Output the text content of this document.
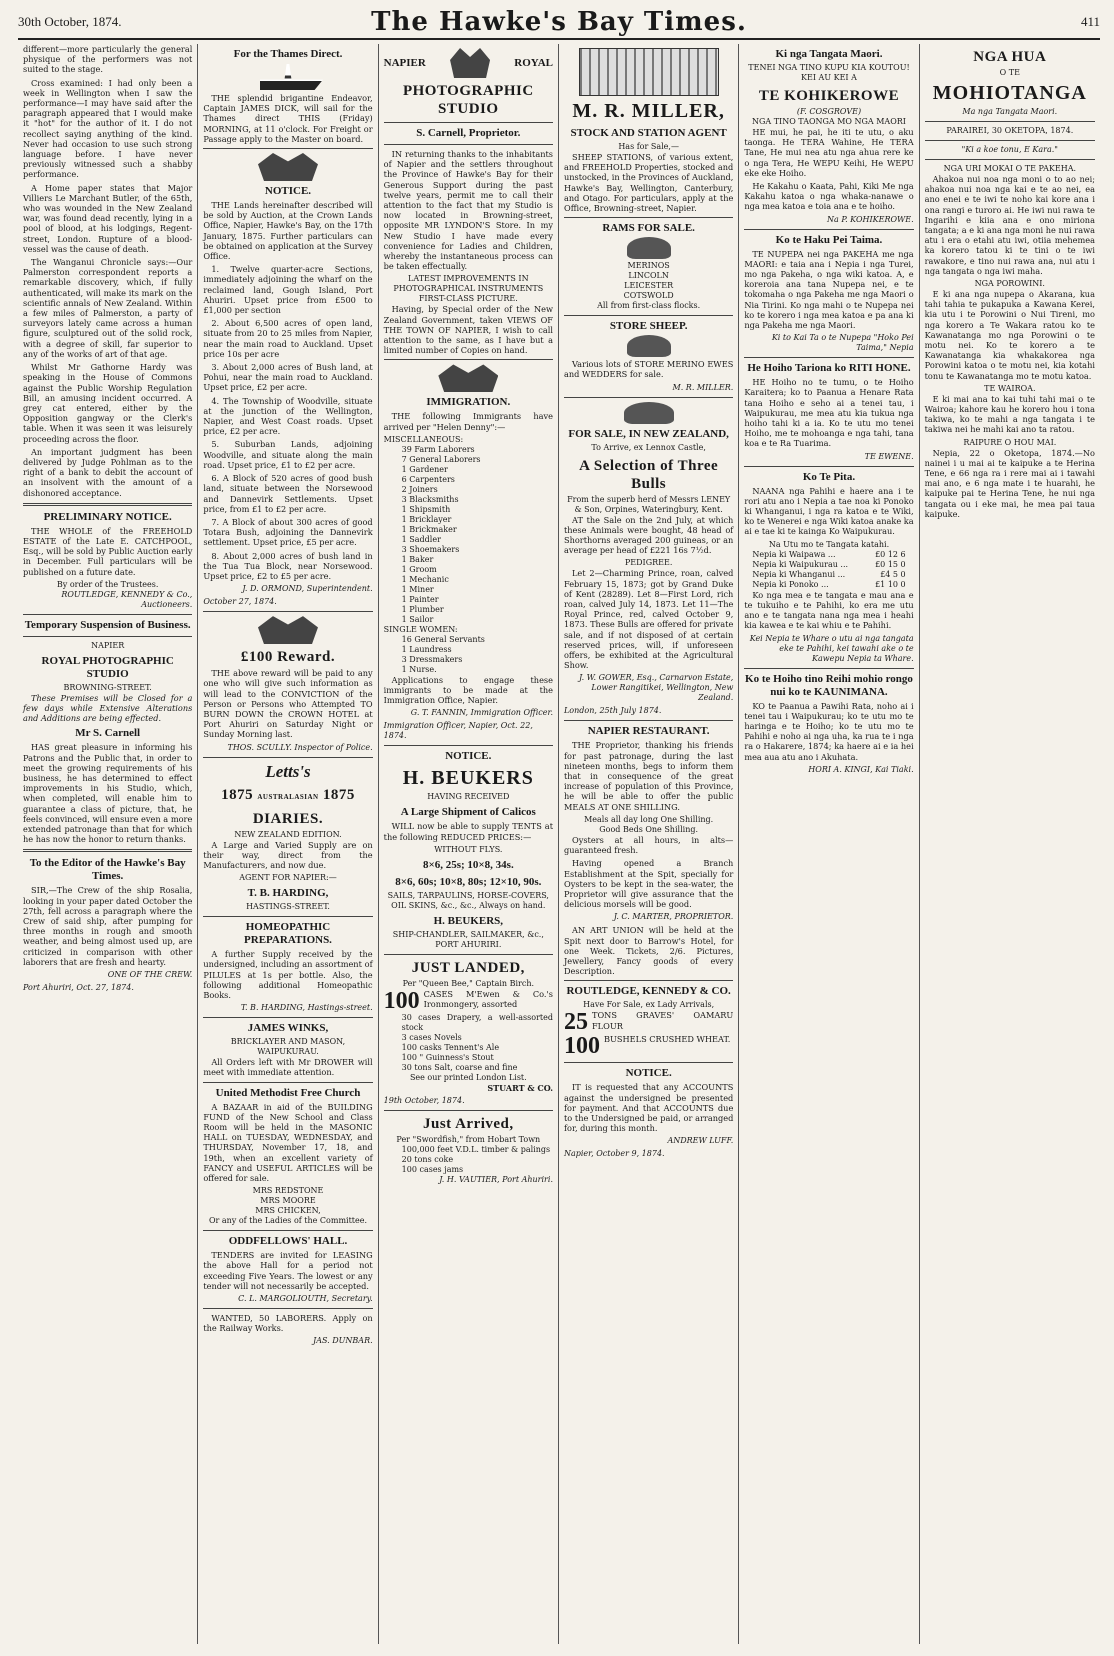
30th October, 1874.	The Hawke's Bay Times.	411

different—more particularly the general physique of the performers was not suited to the stage.

Cross examined: I had only been a week in Wellington when I saw the performance—I may have said after the paragraph appeared that I would make it "hot" for the author of it. I do not recollect saying anything of the kind. Never had occasion to use such strong language before. I have never previously witnessed such a shabby performance.

A Home paper states that Major Villiers Le Marchant Butler, of the 65th, who was wounded in the New Zealand war, was found dead recently, lying in a pool of blood, at his lodgings, Regent-street, London. Rupture of a blood-vessel was the cause of death.

The Wanganui Chronicle says:—Our Palmerston correspondent reports a remarkable discovery, which, if fully authenticated, will make its mark on the scientific annals of New Zealand. Within a few miles of Palmerston, a party of surveyors lately came across a human figure, sculptured out of the solid rock, with a degree of skill, far superior to any of the works of art of that age.

Whilst Mr Gathorne Hardy was speaking in the House of Commons against the Public Worship Regulation Bill, an amusing incident occurred. A grey cat entered, either by the Opposition gangway or the Clerk's table. When it was seen it was leisurely proceeding across the floor.

An important judgment has been delivered by Judge Pohlman as to the right of a bank to debit the account of an insolvent with the amount of a dishonored acceptance.

PRELIMINARY NOTICE.

THE WHOLE of the FREEHOLD ESTATE of the Late E. CATCHPOOL, Esq., will be sold by Public Auction early in December. Full particulars will be published on a future date.

By order of the Trustees.
ROUTLEDGE, KENNEDY & Co., Auctioneers.
Temporary Suspension of Business.
NAPIER
ROYAL PHOTOGRAPHIC STUDIO
BROWNING-STREET.

These Premises will be Closed for a few days while Extensive Alterations and Additions are being effected.

Mr S. Carnell

HAS great pleasure in informing his Patrons and the Public that, in order to meet the growing requirements of his business, he has determined to effect improvements in his Studio, which, when completed, will enable him to guarantee a class of picture, that, he feels convinced, will ensure even a more extended patronage than that for which he has now the honor to return thanks.

To the Editor of the Hawke's Bay Times.

SIR,—The Crew of the ship Rosalia, looking in your paper dated October the 27th, fell across a paragraph where the Crew of said ship, after pumping for three months in rough and smooth weather, and being almost used up, are criticized in comparison with other laborers that are fresh and hearty.

ONE OF THE CREW.
Port Ahuriri, Oct. 27, 1874.
For the Thames Direct.

THE splendid brigantine Endeavor, Captain JAMES DICK, will sail for the Thames direct THIS (Friday) MORNING, at 11 o'clock. For Freight or Passage apply to the Master on board.

NOTICE.

THE Lands hereinafter described will be sold by Auction, at the Crown Lands Office, Napier, Hawke's Bay, on the 17th January, 1875. Further particulars can be obtained on application at the Survey Office.

1. Twelve quarter-acre Sections, immediately adjoining the wharf on the reclaimed land, Gough Island, Port Ahuriri. Upset price from £500 to £1,000 per section

2. About 6,500 acres of open land, situate from 20 to 25 miles from Napier, near the main road to Auckland. Upset price 10s per acre

3. About 2,000 acres of Bush land, at Pohui, near the main road to Auckland. Upset price, £2 per acre.

4. The Township of Woodville, situate at the junction of the Wellington, Napier, and West Coast roads. Upset price, £2 per acre.

5. Suburban Lands, adjoining Woodville, and situate along the main road. Upset price, £1 to £2 per acre.

6. A Block of 520 acres of good bush land, situate between the Norsewood and Dannevirk Settlements. Upset price, from £1 to £2 per acre.

7. A Block of about 300 acres of good Totara Bush, adjoining the Dannevirk settlement. Upset price, £5 per acre.

8. About 2,000 acres of bush land in the Tua Tua Block, near Norsewood. Upset price, £2 to £5 per acre.

J. D. ORMOND, Superintendent.
October 27, 1874.
£100 Reward.

THE above reward will be paid to any one who will give such information as will lead to the CONVICTION of the Person or Persons who Attempted TO BURN DOWN the CROWN HOTEL at Port Ahuriri on Saturday Night or Sunday Morning last.

THOS. SCULLY. Inspector of Police.
Letts's
1875 AUSTRALASIAN 1875
DIARIES.
NEW ZEALAND EDITION.

A Large and Varied Supply are on their way, direct from the Manufacturers, and now due.

AGENT FOR NAPIER:—
T. B. HARDING,
HASTINGS-STREET.
HOMEOPATHIC PREPARATIONS.

A further Supply received by the undersigned, including an assortment of PILULES at 1s per bottle. Also, the following additional Homeopathic Books.

T. B. HARDING, Hastings-street.
JAMES WINKS,
BRICKLAYER AND MASON,
WAIPUKURAU.

All Orders left with Mr DROWER will meet with immediate attention.

United Methodist Free Church

A BAZAAR in aid of the BUILDING FUND of the New School and Class Room will be held in the MASONIC HALL on TUESDAY, WEDNESDAY, and THURSDAY, November 17, 18, and 19th, when an excellent variety of FANCY and USEFUL ARTICLES will be offered for sale.

MRS REDSTONE
MRS MOORE
MRS CHICKEN,
Or any of the Ladies of the Committee.
ODDFELLOWS' HALL.

TENDERS are invited for LEASING the above Hall for a period not exceeding Five Years. The lowest or any tender will not necessarily be accepted.

C. L. MARGOLIOUTH, Secretary.

WANTED, 50 LABORERS. Apply on the Railway Works.

JAS. DUNBAR.
NAPIER	ROYAL
PHOTOGRAPHIC STUDIO
S. Carnell, Proprietor.

IN returning thanks to the inhabitants of Napier and the settlers throughout the Province of Hawke's Bay for their Generous Support during the past twelve years, permit me to call their attention to the fact that my Studio is now located in Browning-street, opposite MR LYNDON'S Store. In my New Studio I have made every convenience for Ladies and Children, whereby the instantaneous process can be taken effectually.

LATEST IMPROVEMENTS IN PHOTOGRAPHICAL INSTRUMENTS
FIRST-CLASS PICTURE.

Having, by Special order of the New Zealand Government, taken VIEWS OF THE TOWN OF NAPIER, I wish to call attention to the same, as I have but a limited number of Copies on hand.

IMMIGRATION.

THE following Immigrants have arrived per "Helen Denny":—

MISCELLANEOUS:
39 Farm Laborers
7 General Laborers
1 Gardener
6 Carpenters
2 Joiners
3 Blacksmiths
1 Shipsmith
1 Bricklayer
1 Brickmaker
1 Saddler
3 Shoemakers
1 Baker
1 Groom
1 Mechanic
1 Miner
1 Painter
1 Plumber
1 Sailor
SINGLE WOMEN:
16 General Servants
1 Laundress
3 Dressmakers
1 Nurse.

Applications to engage these immigrants to be made at the Immigration Office, Napier.

G. T. FANNIN, Immigration Officer.
Immigration Officer, Napier, Oct. 22, 1874.
NOTICE.
H. BEUKERS
HAVING RECEIVED
A Large Shipment of Calicos

WILL now be able to supply TENTS at the following REDUCED PRICES:—

WITHOUT FLYS.
8×6, 25s; 10×8, 34s.
8×6, 60s; 10×8, 80s; 12×10, 90s.
SAILS, TARPAULINS, HORSE-COVERS, OIL SKINS, &c., &c., Always on hand.
H. BEUKERS,
SHIP-CHANDLER, SAILMAKER, &c., PORT AHURIRI.
JUST LANDED,
Per "Queen Bee," Captain Birch.
100 CASES M'Ewen & Co.'s Ironmongery, assorted
30 cases Drapery, a well-assorted stock
3 cases Novels
100 casks Tennent's Ale
100 " Guinness's Stout
30 tons Salt, coarse and fine
See our printed London List.
STUART & CO.
19th October, 1874.
Just Arrived,
Per "Swordfish," from Hobart Town
100,000 feet V.D.L. timber & palings
20 tons coke
100 cases jams
J. H. VAUTIER, Port Ahuriri.
M. R. MILLER,
STOCK AND STATION AGENT
Has for Sale,—

SHEEP STATIONS, of various extent, and FREEHOLD Properties, stocked and unstocked, in the Provinces of Auckland, Hawke's Bay, Wellington, Canterbury, and Otago. For particulars, apply at the Office, Browning-street, Napier.

RAMS FOR SALE.
MERINOS
LINCOLN
LEICESTER
COTSWOLD
All from first-class flocks.
STORE SHEEP.

Various lots of STORE MERINO EWES and WEDDERS for sale.

M. R. MILLER.
FOR SALE, IN NEW ZEALAND,
To Arrive, ex Lennox Castle,
A Selection of Three Bulls
From the superb herd of Messrs LENEY & Son, Orpines, Wateringbury, Kent.

AT the Sale on the 2nd July, at which these Animals were bought, 48 head of Shorthorns averaged 200 guineas, or an average per head of £221 16s 7½d.

PEDIGREE.

Let 2—Charming Prince, roan, calved February 15, 1873; got by Grand Duke of Kent (28289). Let 8—First Lord, rich roan, calved July 14, 1873. Let 11—The Royal Prince, red, calved October 9, 1873. These Bulls are offered for private sale, and if not disposed of at certain reserved prices, will, if unforeseen offers, be exhibited at the Agricultural Show.

J. W. GOWER, Esq., Carnarvon Estate, Lower Rangitikei, Wellington, New Zealand.
London, 25th July 1874.
NAPIER RESTAURANT.

THE Proprietor, thanking his friends for past patronage, during the last nineteen months, begs to inform them that in consequence of the great increase of population of this Province, he will be able to offer the public MEALS AT ONE SHILLING.

Meals all day long One Shilling.
Good Beds One Shilling.

Oysters at all hours, in alts—guaranteed fresh.

Having opened a Branch Establishment at the Spit, specially for Oysters to be kept in the sea-water, the Proprietor will give assurance that the delicious morsels will be good.

J. C. MARTER, PROPRIETOR.

AN ART UNION will be held at the Spit next door to Barrow's Hotel, for one Week. Tickets, 2/6. Pictures, Jewellery, Fancy goods of every Description.

ROUTLEDGE, KENNEDY & CO.
Have For Sale, ex Lady Arrivals,
25 TONS GRAVES' OAMARU FLOUR
100 BUSHELS CRUSHED WHEAT.
NOTICE.

IT is requested that any ACCOUNTS against the undersigned be presented for payment. And that ACCOUNTS due to the Undersigned be paid, or arranged for, during this month.

ANDREW LUFF.
Napier, October 9, 1874.
Ki nga Tangata Maori.
TENEI NGA TINO KUPU KIA KOUTOU!
KEI AU KEI A
TE KOHIKEROWE
(F. COSGROVE)
NGA TINO TAONGA MO NGA MAORI

HE mui, he pai, he iti te utu, o aku taonga. He TERA Wahine, He TERA Tane, He mui nea atu nga ahua rere ke o nga Tera, He WEPU Keihi, He WEPU eke eke Hoiho.

He Kakahu o Kaata, Pahi, Kiki Me nga Kakahu katoa o nga whaka-nanawe o nga mea katoa e toia ana e te hoiho.

Na P. KOHIKEROWE.
Ko te Haku Pei Taima.

TE NUPEPA nei nga PAKEHA me nga MAORI: e taia ana i Nepia i nga Turei, mo nga Pakeha, o nga wiki katoa. A, e koreroia ana tana Nupepa nei, e te tokomaha o nga Pakeha me nga Maori o Nia Tirini. Ko nga mahi o te Nupepa nei ko te korero i nga mea katoa e pa ana ki nga Pakeha me nga Maori.

Ki to Kai Ta o te Nupepa "Hoko Pei Taima," Nepia
He Hoiho Tariona ko RITI HONE.

HE Hoiho no te tumu, o te Hoiho Karaitera; ko to Paanua a Henare Rata tana Hoiho e seho ai a tenei tau, i Waipukurau, me mea atu kia tukua nga hoiho tahi ki a ia. Ko te utu mo tenei Hoiho, me te mohoanga e nga tahi, tana koa e te Ra Tuarima.

TE EWENE.
Ko Te Pita.

NAANA nga Pahihi e haere ana i te rori atu ano i Nepia a tae noa ki Ponoko ki Whanganui, i nga ra katoa e te Wiki, ko te Wenerei e nga Wiki katoa anake ka ai e tae ki te kainga Ko Waipukurau.

Na Utu mo te Tangata katahi.
Nepia ki Waipawa ...	£0 12 6
Nepia ki Waipukurau ...	£0 15 0
Nepia ki Whanganui ...	£4 5 0
Nepia ki Ponoko ...	£1 10 0

Ko nga mea e te tangata e mau ana e te tukuiho e te Pahihi, ko era me utu ano e te tangata nana nga mea i heahi kia kawea e te kai whiu e te Pahihi.

Kei Nepia te Whare o utu ai nga tangata eke te Pahihi, kei tawahi ake o te Kawepu Nepia ta Whare.
Ko te Hoiho tino Reihi mohio rongo nui ko te KAUNIMANA.

KO te Paanua a Pawihi Rata, noho ai i tenei tau i Waipukurau; ko te utu mo te haringa e te Hoiho; ko te utu mo te Pahihi e noho ai nga uha, ka rua te i nga ra o Hakarere, 1874; ka haere ai e ia hei mea aua atu ano i Akuhata.

HORI A. KINGI, Kai Tiaki.
NGA HUA
O TE
MOHIOTANGA
Ma nga Tangata Maori.
PARAIREI, 30 OKETOPA, 1874.
"Ki a koe tonu, E Kara."
NGA URI MOKAI O TE PAKEHA.

Ahakoa nui noa nga moni o to ao nei; ahakoa nui noa nga kai e te ao nei, ea ano enei e te iwi te noho kai kore ana i ona rangi e turoro ai. He iwi nui rawa te Ingarihi e kiia ana e ono miriona tangata; a e ki ana nga moni he nui rawa atu i era o etahi atu iwi, otiia mehemea ka korero tatou ki te tini o te iwi rawakore, e tino nui rawa ana, nui atu i nga tangata o nga iwi maha.

NGA POROWINI.

E ki ana nga nupepa o Akarana, kua tahi tahia te pukapuka a Kawana Kerei, kia utu i te Porowini o Nui Tireni, mo nga korero a Te Wakara ratou ko te Kawanatanga mo nga Porowini o te motu nei. Ko te korero a te Kawanatanga kia whakakorea nga Porowini katoa o te motu nei, kia kotahi tonu te Kawanatanga mo te motu katoa.

TE WAIROA.

E ki mai ana to kai tuhi tahi mai o te Wairoa; kahore kau he korero hou i tona takiwa, ko te mahi a nga tangata i te takiwa nei he mahi kai ano ta ratou.

RAIPURE O HOU MAI.

Nepia, 22 o Oketopa, 1874.—No nainei i u mai ai te kaipuke a te Herina Tene, e 66 nga ra i rere mai ai i tawahi mai ano, e 6 nga mate i te huarahi, he kaipuke pai te Herina Tene, he nui nga tangata ou i eke mai, he mea pai taua kaipuke.
